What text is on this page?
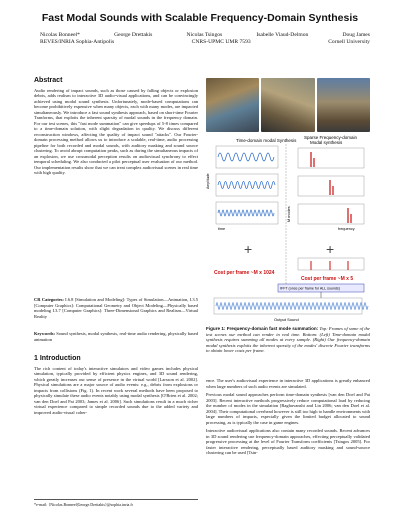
Fast Modal Sounds with Scalable Frequency-Domain Synthesis
Nicolas Bonneel*	George Drettakis	Nicolas Tsingos	Isabelle Viaud-Delmon	Doug James
REVES/INRIA Sophia-Antipolis	CNRS-UPMC UMR 7593	Cornell University
Abstract

Audio rendering of impact sounds, such as those caused by falling objects or explosion debris, adds realism to interactive 3D audio-visual applications, and can be convincingly achieved using modal sound synthesis. Unfortunately, mode-based computations can become prohibitively expensive when many objects, each with many modes, are impacted simultaneously. We introduce a fast sound synthesis approach, based on short-time Fourier Tranforms, that exploits the inherent sparsity of modal sounds in the frequency domain. For our test scenes, this "fast mode summation" can give speedups of 5-8 times compared to a time-domain solution, with slight degradation in quality. We discuss different reconstruction windows, affecting the quality of impact sound "attacks". Our Fourier-domain processing method allows us to introduce a scalable, real-time, audio processing pipeline for both recorded and modal sounds, with auditory masking and sound source clustering. To avoid abrupt computation peaks, such as during the simultaneous impacts of an explosion, we use crossmodal perception results on audiovisual synchrony to effect temporal scheduling. We also conducted a pilot perceptual user evaluation of our method. Our implementation results show that we can treat complex audiovisual scenes in real time with high quality.

CR Categories: I.6.8 [Simulation and Modeling]: Types of Simulation—Animation, I.3.5 [Computer Graphics]: Computational Geometry and Object Modeling—Physically based modeling I.3.7 [Computer Graphics]: Three-Dimensional Graphics and Realism—Virtual Reality
Keywords: Sound synthesis, modal synthesis, real-time audio rendering, physically based animation
1 Introduction

The rich content of today's interactive simulators and video games includes physical simulation, typically provided by efficient physics engines, and 3D sound rendering, which greatly increases our sense of presence in the virtual world [Larsson et al. 2002]. Physical simulations are a major source of audio events: e.g., debris from explosions or impacts from collisions (Fig. 1). In recent work several methods have been proposed to physically simulate these audio events notably using modal synthesis [O'Brien et al. 2002; van den Doel and Pai 2003; James et al. 2006]. Such simulations result in a much richer virtual experience compared to simple recorded sounds due to the added variety and improved audio-visual coher-

*e-mail: {Nicolas.Bonneel|George.Drettakis}@sophia.inria.fr
Time-domain modal Synthesis
Amplitude
time
+
Cost per frame ~M x 1024
M modes
Sparse Frequency-domain
Modal synthesis
frequency
+
Cost per frame ~M x 5
IFFT (once per frame for ALL sounds)
Output Sound
Figure 1: Frequency-domain fast mode summation: Top: Frames of some of the test scenes our method can render in real time. Bottom: (Left) Time-domain modal synthesis requires summing all modes at every sample. (Right) Our frequency-domain modal synthesis exploits the inherent sparsity of the modes' discrete Fourier transforms to obtain lower costs per frame.

ence. The user's audiovisual experience in interactive 3D applications is greatly enhanced when large numbers of such audio events are simulated.

Previous modal sound approaches perform time-domain synthesis [van den Doel and Pai 2003]. Recent interactive methods progressively reduce computational load by reducing the number of modes in the simulation [Raghuvanshi and Lin 2006; van den Doel et al. 2004]. Their computational overhead however is still too high to handle environments with large numbers of impacts, especially given the limited budget allocated to sound processing, as is typically the case in game engines.

Interactive audiovisual applications also contain many recorded sounds. Recent advances in 3D sound rendering use frequency-domain approaches, effecting perceptually validated progressive processing at the level of Fourier Transform coefficients [Tsingos 2005]. For faster interactive rendering, perceptually based auditory masking and sound-source clustering can be used [Tsin-
